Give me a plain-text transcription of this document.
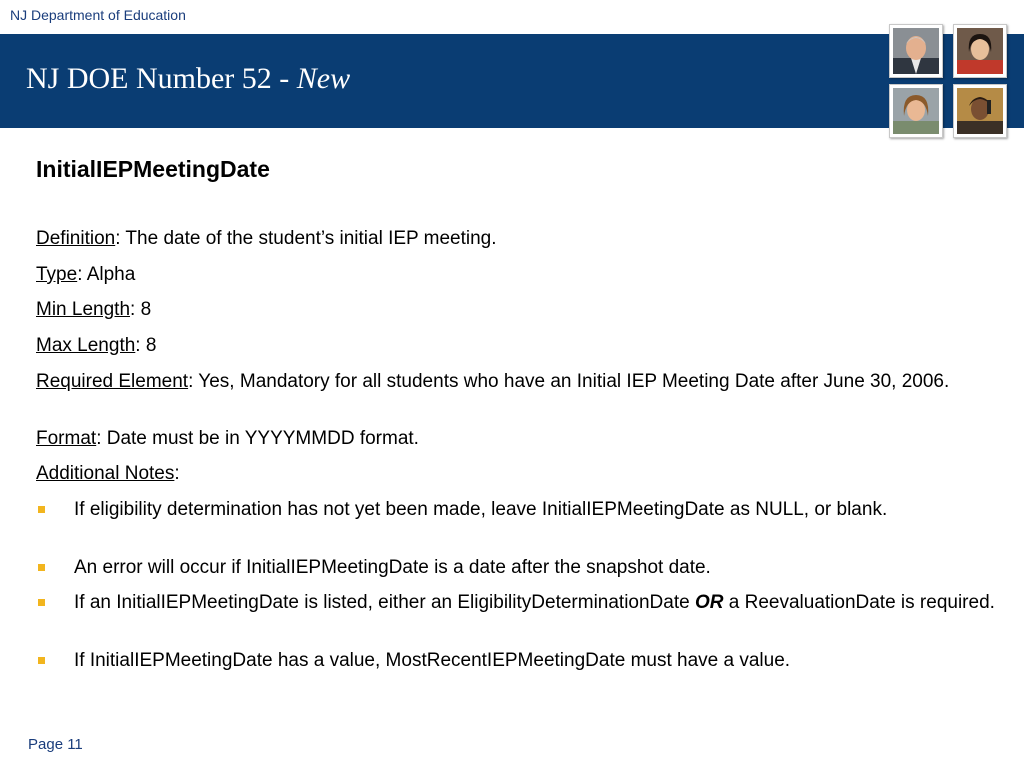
NJ Department of Education
NJ DOE Number 52 - New
InitialIEPMeetingDate
Definition: The date of the student’s initial IEP meeting.
Type: Alpha
Min Length: 8
Max Length: 8
Required Element: Yes, Mandatory for all students who have an Initial IEP Meeting Date after June 30, 2006.
Format: Date must be in YYYYMMDD format.
Additional Notes:
If eligibility determination has not yet been made, leave InitialIEPMeetingDate as NULL, or blank.
An error will occur if InitialIEPMeetingDate is a date after the snapshot date.
If an InitialIEPMeetingDate is listed, either an EligibilityDeterminationDate OR a ReevaluationDate is required.
If InitialIEPMeetingDate has a value, MostRecentIEPMeetingDate must have a value.
Page 11
